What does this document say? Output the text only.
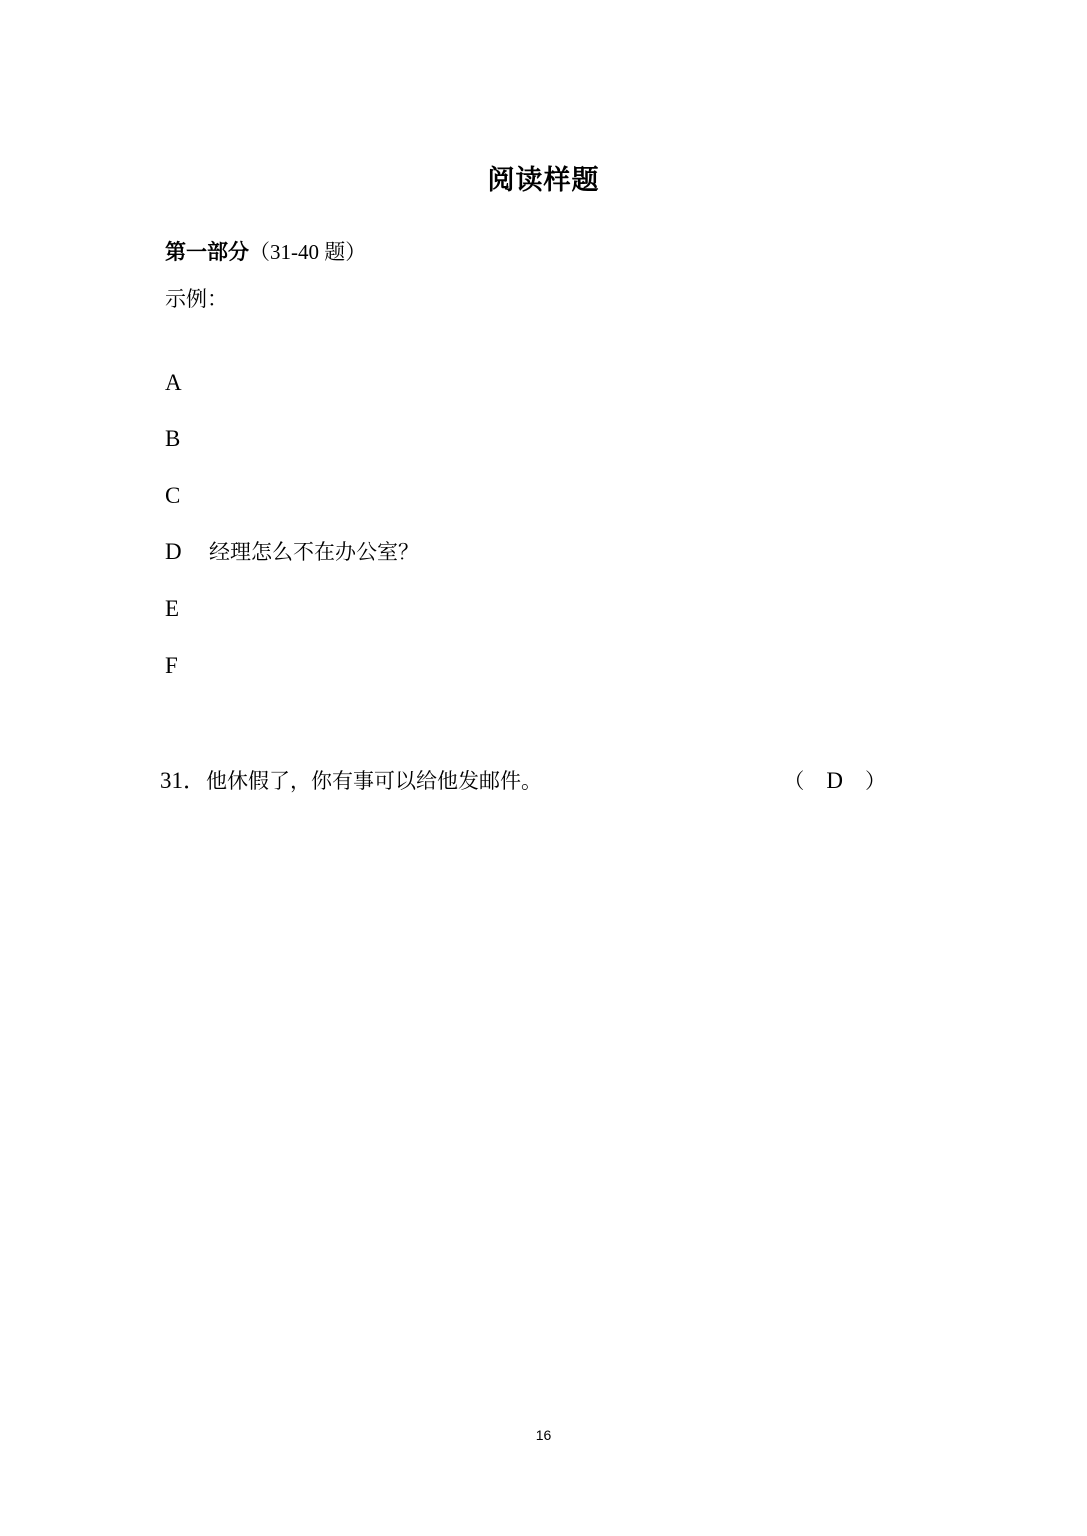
阅读样题
第一部分（31-40 题）
示例：
A
B
C
D 经理怎么不在办公室？
E
F
31．他休假了，你有事可以给他发邮件。	（ D ）
16
